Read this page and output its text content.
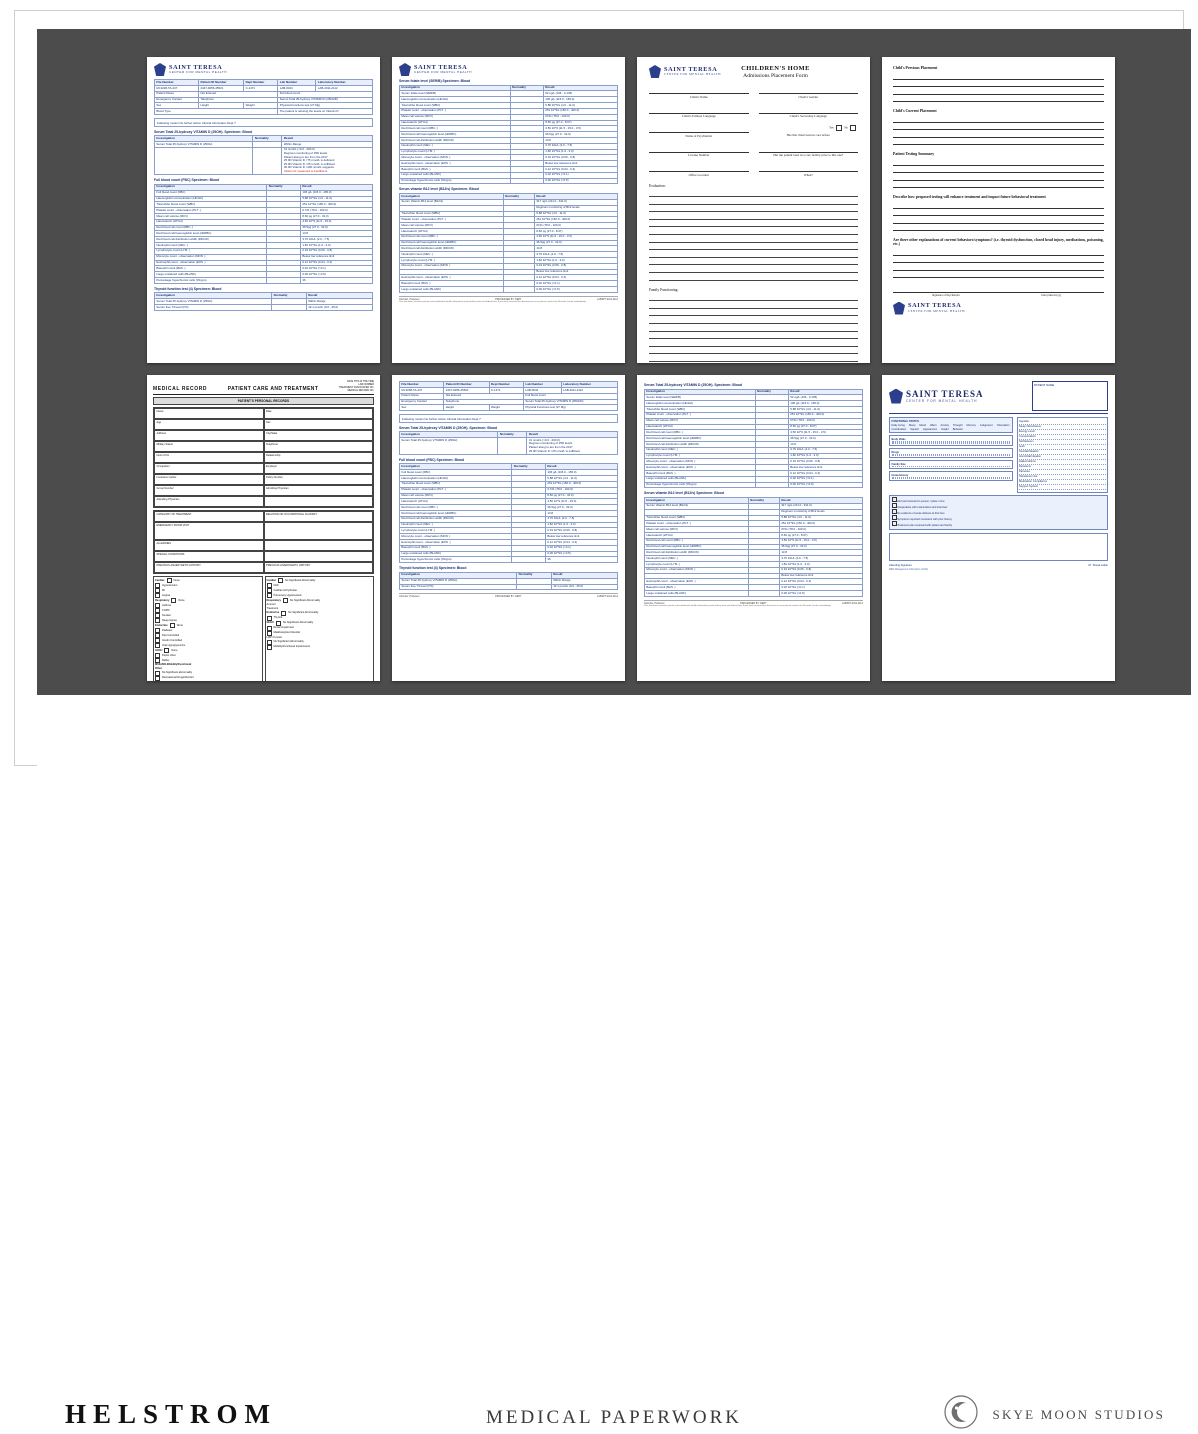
SAINT TERESA
CENTER FOR MENTAL HEALTH
File Number	Patient ID Number	Dept Number	Lab Number	Laboratory Number
MI-3238-TA-347	2447-9256-45521	C-1471	LAB-0044	LAB-2011-2112
Patient Name	Not Entered		Full blood count	
Emergency Contact	Telephone		Serum Total 25-hydroxy VITAMIN D (25OHD)	
Sex	Height	Weight	Physical Functions test (27 Mg)	
Blood Type			The patient is refusing the levels on Vitamin D	
Following motion No further Action Clinical Information Dept ?
Serum Total 25-hydroxy VITAMIN D (25OH). Specimen: Blood
Investigation	Normality	Result
Serum Total 25-hydroxy VITAMIN D (25OH)		Within Range
		31 nmol/L (>0.0 - 200.0)
Regimen monitoring of 25D levels
Patient along to are from the 2017
25.0D Vitamin D <75 nmol/L is deficient
25.0D Vitamin D <25 nmol/L is sufficient
30.0D Vitamin D >200 nmol/L suggests
Vitamin D measured is insufficient
Full blood count (FBC) Specimen: Blood
Investigation	Normality	Result
Full blood count (FBC)		106 g/L (115.0 - 165.0)
Haemoglobin concentration (Hb/Hct)		5.88 10^9/L (4.0 - 11.0)
Total white blood count (WBC)		251 10^9/L (150.0 - 400.0)
Platelet count - observation (PLT .)		0.721 (78.0 - 100.0)
Mean cell volume (MCV)		8.60 pg (27.0 - 32.0)
Haematocrit (HTCH)		4.50 10^9 (11.5 - 15.0)
Red blood cell count (RBC .)		36.5pg (27.0 - 32.0)
Red blood cell haemoglobin level (HbRBC)		13.8
Red blood cell distribution width (RDCW)		3.76 10L/L (2.0 - 7.5)
Neutrophil count (NEU .)		1.82 10^9/L (1.0 - 3.0)
Lymphocyte count (LYM .)		0.19 10^9/L (0.06 - 0.8)
Monocyte count - observation (MON .)		Below low reference limit
Eosinophil count - observation (EOS .)		0.12 10^9/L (0.04 - 0.4)
Basophil count (BAS .)		0.02 10^9/L (>0.1)
Large unstained cells (BLANK)		0.06 10^9/L (>0.5)
Percentage hypochromic cells (%hypo)		36
Thyroid function test (4) Specimen: Blood
Investigation	Normality	Result
Serum Total 25-hydroxy VITAMIN D (25OH)		Within Range
Serum free T4 level (fT4)		19.1 pmol/L (9.0 - 25.0)
SAINT TERESA
CENTER FOR MENTAL HEALTH
Serum folate level (SER/B) Specimen: Blood
Investigation	Normality	Result
Serum folate level (SER/B)		52 ug/L (106 - 0.135)
Haemoglobin concentration (Hb/Hct)		106 g/L (115.0 - 165.0)
Total white blood count (WBC)		5.88 10^9/L (4.0 - 11.0)
Platelet count - observation (PLT .)		251 10^9/L (150.0 - 400.0)
Mean cell volume (MCV)		0721 (78.0 - 100.0)
Haematocrit (HTCH)		8.60 pg (27.0 - 8.67)
Red blood cell count (RBC .)		4.50 10^9 (11.5 - 15.0 - 3.5)
Red blood cell haemoglobin level (HbRBC)		36.5pg (27.0 - 32.0)
Red blood cell distribution width (RDCW)		13.8
Neutrophil count (NEU .)		3.76 10L/L (2.0 - 7.5)
Lymphocyte count (LYM .)		1.82 10^9/L (1.0 - 3.0)
Monocyte count - observation (MON .)		0.19 10^9/L (0.06 - 0.8)
Eosinophil count - observation (EOS .)		Below low reference limit
Basophil count (BAS .)		0.12 10^9/L (0.04 - 0.4)
Large unstained cells (BLANK)		0.02 10^9/L (>0.1)
Percentage hypochromic cells (%hypo)		0.06 10^9/L (>0.5)
Serum vitamin B12 level (B12/s) Specimen: Blood
Investigation	Normality	Result
Serum Vitamin B12 level (B12/s)		317 ng/L (211.0 - 911.0)
		Regimen monitoring of B12 levels
Total white blood count (WBC)		5.88 10^9/L (4.0 - 11.0)
Platelet count - observation (PLT .)		251 10^9/L (150.0 - 400.0)
Mean cell volume (MCV)		0721 (78.0 - 100.0)
Haematocrit (HTCH)		8.60 pg (27.0 - 8.67)
Red blood cell count (RBC .)		4.50 10^9 (11.5 - 15.0 - 3.5)
Red blood cell haemoglobin level (HbRBC)		36.5pg (27.0 - 32.0)
Red blood cell distribution width (RDCW)		13.8
Neutrophil count (NEU .)		3.76 10L/L (2.0 - 7.5)
Lymphocyte count (LYM .)		1.82 10^9/L (1.0 - 3.0)
Monocyte count - observation (MON .)		0.19 10^9/L (0.06 - 0.8)
		Below low reference limit
Eosinophil count - observation (EOS .)		0.12 10^9/L (0.04 - 0.4)
Basophil count (BAS .)		0.02 10^9/L (>0.1)
Large unstained cells (BLANK)		0.06 10^9/L (>0.5)
Clinician, Professor	PROCESSED BY: DEPT	LABSPT-2011-2112
This document contains private and confidential health information protected by state and federal law. If you have received this document in error please contact the Records Center immediately.
SAINT TERESA
CENTER FOR MENTAL HEALTH
CHILDREN'S HOME
Admissions Placement Form
Client's Name	Client's Gender
Client's Primary Language	Client's Secondary Language
Name of Psychiatrist
Yes	No
Has this client been in care before
License Number	Has the patient been in a care facility prior to this one?
Office Location	When?
Evaluation:
Family Functioning:
Child's Previous Placement
Child's Current Placement
Patient Testing Summary
Describe how proposed testing will enhance treatment and impact future behavioral treatment
Are there other explanations of current behaviors/symptoms? (i.e. thyroid dysfunction, closed head injury, medications, poisoning, etc.)
Signature of Psychiatrist	Date (mm-dd-yy)
SAINT TERESA
CENTER FOR MENTAL HEALTH
MEDICAL RECORD	PATIENT CARE AND TREATMENT
DATE THIS IS THE TIME
LAB NUMBER
TREATMENT ASSOCIATED NO.
MEDICAL RECORD NO.
PATIENT'S PERSONAL RECORDS
Name	Date
Age	Sex
Address	City/State
Military Status	Telephone
Next of Kin	Relationship
Occupation	Employer
Insurance Carrier	Policy Number
Group Number	Admitting Physician
Attending Physician
CATEGORY OF TREATMENT	RELATION OR OCCUPATIONAL CLASSIFY
EMERGENCY ROOM VISIT
ALLERGIES
SPECIAL CONDITIONS
PREVIOUS ANAESTHETIC HISTORY	PREVIOUS ANAESTHETIC HISTORY
Cardiac	None
Hypertension
MI
Angina
Respiratory	None
Asthma
COPD
Smoker
Sleep Apnea
Endocrine	None
Diabetes
Diet Controlled
Insulin Controlled
Oral Hypoglycemics
GI/GU	None
Peptic Ulcer
Reflux
MSK/ADL/Mobility/Functional
Other
No Significant abnormality
Recreational Drugs/Alcohol
Cardiac	No Significant Abnormality
CHF
Cardiac Arrhythmias
Pulmonary Hypertension
Respiratory	No Significant Abnormality
Amount
Treatment
Endocrine	No Significant Abnormality
Thyroid
GI/GU	No Significant Abnormality
Renal Impairment
Malabsorption Disorder
LMP if known
No Significant Abnormality
Mobility/Functional Impairments
File Number	Patient ID Number	Dept Number	Lab Number	Laboratory Number
MI-3238-TA-347	2447-9256-45521	C-1471	LAB-0044	LAB-2011-2112
Patient Name	Not Entered		Full blood count	
Emergency Contact	Telephone		Serum Total 25-hydroxy VITAMIN D (25OHD)	
Sex	Height	Weight	Physical Functions test (27 Mg)	
Following motion No further Action Clinical Information Dept ?
Serum Total 25-hydroxy VITAMIN D (25OH). Specimen: Blood
Investigation	Normality	Result
Serum Total 25-hydroxy VITAMIN D (25OH)		31 nmol/L (>0.0 - 200.0)
Regimen monitoring of 25D levels
Patient along to are from the 2017
25.0D Vitamin D <25 nmol/L is sufficient
Full blood count (FBC) Specimen: Blood
Investigation	Normality	Result
Full blood count (FBC)		106 g/L (115.0 - 165.0)
Haemoglobin concentration (Hb/Hct)		5.88 10^9/L (4.0 - 11.0)
Total white blood count (WBC)		251 10^9/L (150.0 - 400.0)
Platelet count - observation (PLT .)		0.721 (78.0 - 100.0)
Mean cell volume (MCV)		8.60 pg (27.0 - 32.0)
Haematocrit (HTCH)		4.50 10^9 (11.5 - 15.0)
Red blood cell count (RBC .)		36.5pg (27.0 - 32.0)
Red blood cell haemoglobin level (HbRBC)		13.8
Red blood cell distribution width (RDCW)		3.76 10L/L (2.0 - 7.5)
Neutrophil count (NEU .)		1.82 10^9/L (1.0 - 3.0)
Lymphocyte count (LYM .)		0.19 10^9/L (0.06 - 0.8)
Monocyte count - observation (MON .)		Below low reference limit
Eosinophil count - observation (EOS .)		0.12 10^9/L (0.04 - 0.4)
Basophil count (BAS .)		0.02 10^9/L (>0.1)
Large unstained cells (BLANK)		0.06 10^9/L (>0.5)
Percentage hypochromic cells (%hypo)		36
Thyroid function test (4) Specimen: Blood
Investigation	Normality	Result
Serum Total 25-hydroxy VITAMIN D (25OH)		Within Range
Serum free T4 level (fT4)		19.1 pmol/L (9.0 - 25.0)
Clinician, Professor	PROCESSED BY: DEPT	LABSPT-2011-2112
Serum Total 25-hydroxy VITAMIN D (25OH). Specimen: Blood
Investigation	Normality	Result
Serum folate level (SER/B)		52 ug/L (106 - 0.135)
Haemoglobin concentration (Hb/Hct)		106 g/L (115.0 - 165.0)
Total white blood count (WBC)		5.88 10^9/L (4.0 - 11.0)
Platelet count - observation (PLT .)		251 10^9/L (150.0 - 400.0)
Mean cell volume (MCV)		0721 (78.0 - 100.0)
Haematocrit (HTCH)		8.60 pg (27.0 - 8.67)
Red blood cell count (RBC .)		4.50 10^9 (11.5 - 15.0 - 3.5)
Red blood cell haemoglobin level (HbRBC)		36.5pg (27.0 - 32.0)
Red blood cell distribution width (RDCW)		13.8
Neutrophil count (NEU .)		3.76 10L/L (2.0 - 7.5)
Lymphocyte count (LYM .)		1.82 10^9/L (1.0 - 3.0)
Monocyte count - observation (MON .)		0.19 10^9/L (0.06 - 0.8)
Eosinophil count - observation (EOS .)		Below low reference limit
Basophil count (BAS .)		0.12 10^9/L (0.04 - 0.4)
Large unstained cells (BLANK)		0.02 10^9/L (>0.1)
Percentage hypochromic cells (%hypo)		0.06 10^9/L (>0.5)
Serum vitamin B12 level (B12/s) Specimen: Blood
Investigation	Normality	Result
Serum Vitamin B12 level (B12/s)		317 ng/L (211.0 - 911.0)
		Regimen monitoring of B12 levels
Total white blood count (WBC)		5.88 10^9/L (4.0 - 11.0)
Platelet count - observation (PLT .)		251 10^9/L (150.0 - 400.0)
Mean cell volume (MCV)		0721 (78.0 - 100.0)
Haematocrit (HTCH)		8.60 pg (27.0 - 8.67)
Red blood cell count (RBC .)		4.50 10^9 (11.5 - 15.0 - 3.5)
Red blood cell haemoglobin level (HbRBC)		36.5pg (27.0 - 32.0)
Red blood cell distribution width (RDCW)		13.8
Neutrophil count (NEU .)		3.76 10L/L (2.0 - 7.5)
Lymphocyte count (LYM .)		1.82 10^9/L (1.0 - 3.0)
Monocyte count - observation (MON .)		0.19 10^9/L (0.06 - 0.8)
		Below low reference limit
Eosinophil count - observation (EOS .)		0.12 10^9/L (0.04 - 0.4)
Basophil count (BAS .)		0.02 10^9/L (>0.1)
Large unstained cells (BLANK)		0.06 10^9/L (>0.5)
Clinician, Professor	PROCESSED BY: DEPT	LABSPT-2011-2112
This document contains private and confidential health information protected by state and federal law. If you have received this document in error please contact the Records Center immediately.
SAINT TERESA
CENTER FOR MENTAL HEALTH
PATIENT NAME
FUNCTIONAL STATUS
Daily Living Sleep Mood Affect Anxiety Thought Memory Judgement Orientation
Coordination Speech Appearance Insight Behavior
Body Vitals
Drugs
Family Size
Home History
Appetite
Sleep Disturbance
Energy Level
Concentration
Self Esteem
Guilt
Suicidal Ideation
Homicidal Ideation
Hallucinations
Delusions
Paranoia
Substance Use
Medication Compliance
Support System
Alert and oriented to person / place / time
Cooperative with examination and interview
No evidence of acute distress at this time
Symptoms reported consistent with prior history
Treatment plan reviewed with patient and family
Attending Signature	Dr. Teresa Larkin
MED Management Information (11/02)
HELSTROM	MEDICAL PAPERWORK	SKYE MOON STUDIOS
